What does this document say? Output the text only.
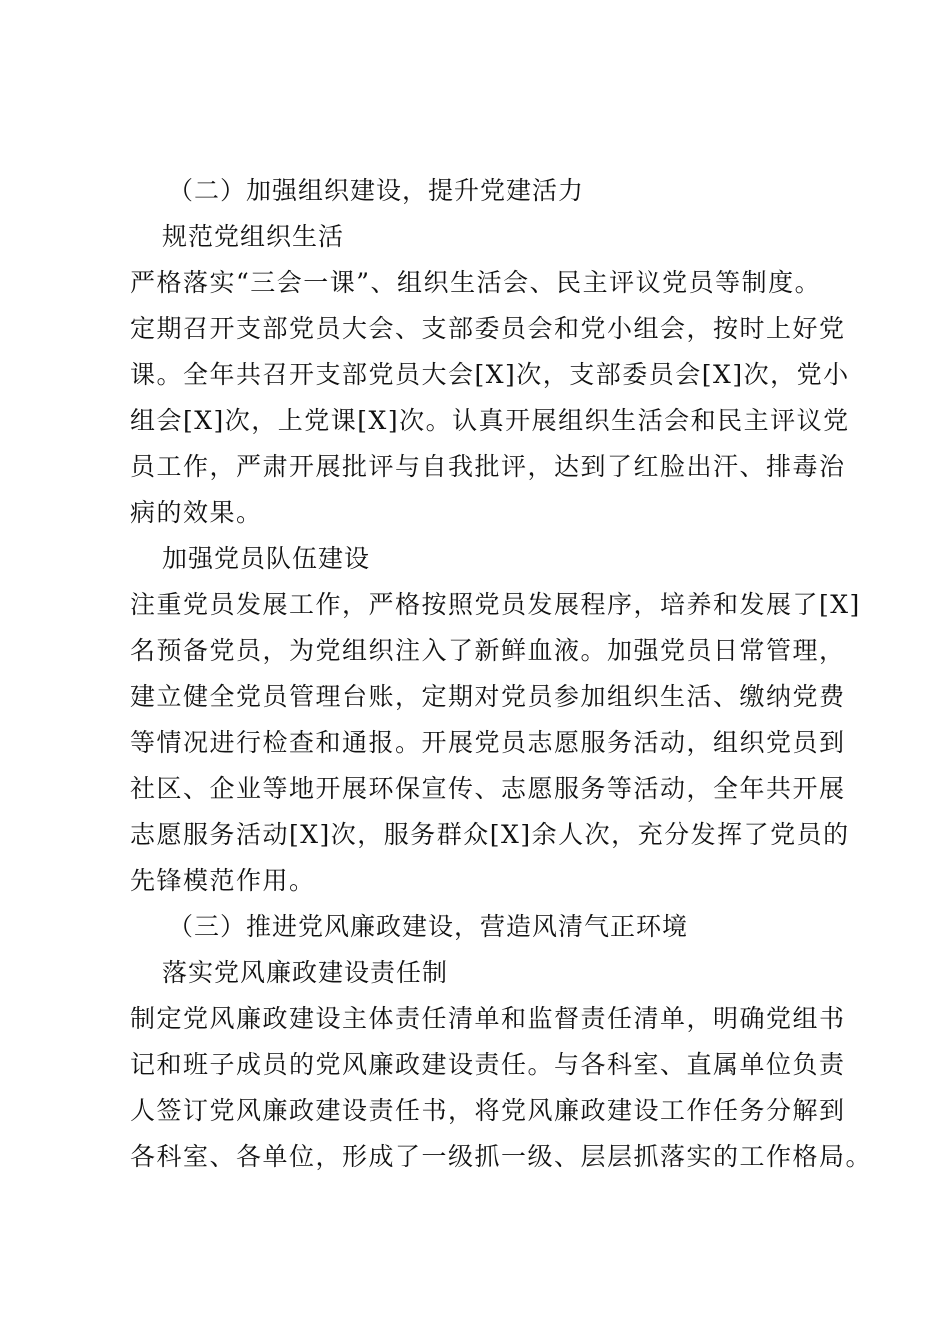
（二）加强组织建设，提升党建活力
规范党组织生活
严格落实“三会一课”、组织生活会、民主评议党员等制度。
定期召开支部党员大会、支部委员会和党小组会，按时上好党
课。全年共召开支部党员大会[X]次，支部委员会[X]次，党小
组会[X]次，上党课[X]次。认真开展组织生活会和民主评议党
员工作，严肃开展批评与自我批评，达到了红脸出汗、排毒治
病的效果。
加强党员队伍建设
注重党员发展工作，严格按照党员发展程序，培养和发展了[X]
名预备党员，为党组织注入了新鲜血液。加强党员日常管理，
建立健全党员管理台账，定期对党员参加组织生活、缴纳党费
等情况进行检查和通报。开展党员志愿服务活动，组织党员到
社区、企业等地开展环保宣传、志愿服务等活动，全年共开展
志愿服务活动[X]次，服务群众[X]余人次，充分发挥了党员的
先锋模范作用。
（三）推进党风廉政建设，营造风清气正环境
落实党风廉政建设责任制
制定党风廉政建设主体责任清单和监督责任清单，明确党组书
记和班子成员的党风廉政建设责任。与各科室、直属单位负责
人签订党风廉政建设责任书，将党风廉政建设工作任务分解到
各科室、各单位，形成了一级抓一级、层层抓落实的工作格局。
